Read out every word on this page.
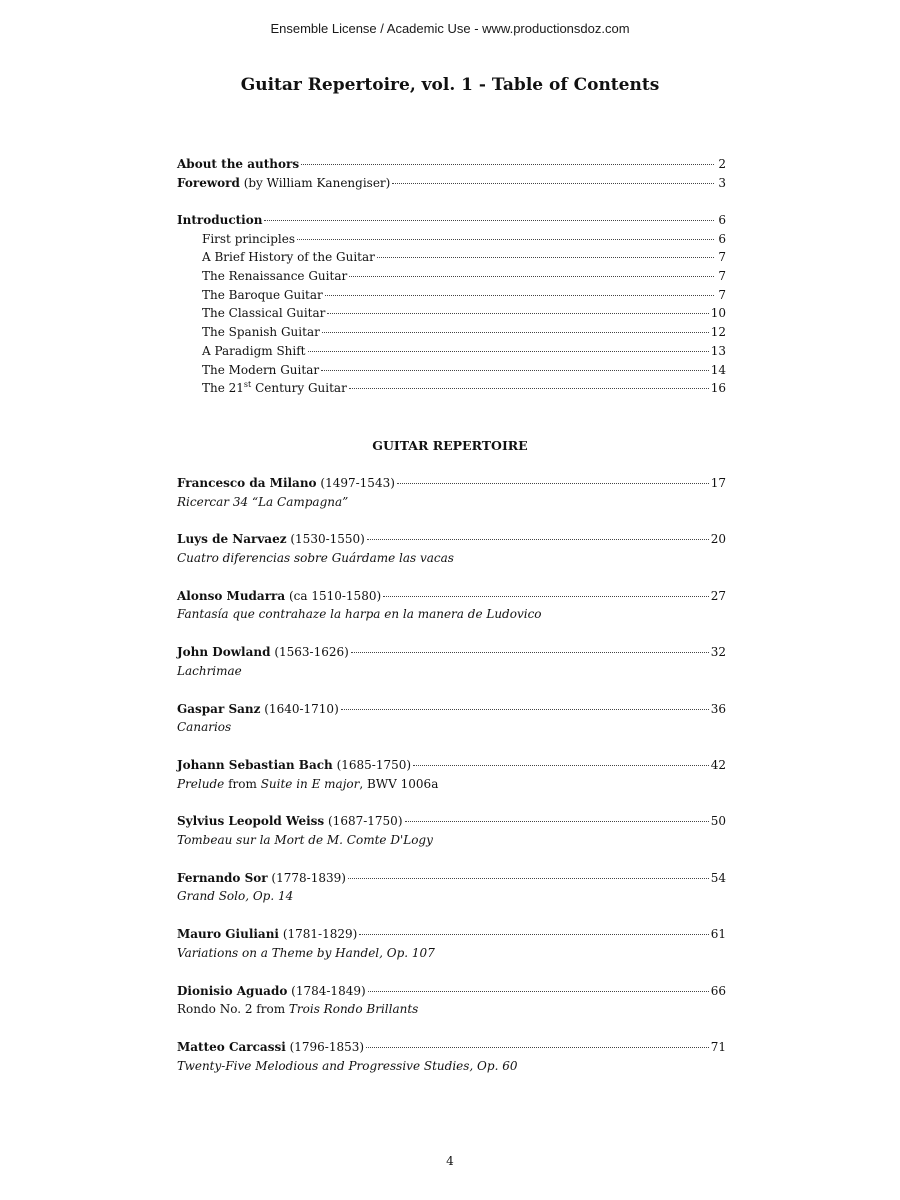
Ensemble License / Academic Use - www.productionsdoz.com
Guitar Repertoire, vol. 1 - Table of Contents
About the authors	2
Foreword (by William Kanengiser)	3
Introduction	6
First principles	6
A Brief History of the Guitar	7
The Renaissance Guitar	7
The Baroque Guitar	7
The Classical Guitar	10
The Spanish Guitar	12
A Paradigm Shift	13
The Modern Guitar	14
The 21st Century Guitar	16
GUITAR REPERTOIRE
Francesco da Milano (1497-1543)	17
Ricercar 34 “La Campagna”
Luys de Narvaez (1530-1550)	20
Cuatro diferencias sobre Guárdame las vacas
Alonso Mudarra (ca 1510-1580)	27
Fantasía que contrahaze la harpa en la manera de Ludovico
John Dowland (1563-1626)	32
Lachrimae
Gaspar Sanz (1640-1710)	36
Canarios
Johann Sebastian Bach (1685-1750)	42
Prelude from Suite in E major, BWV 1006a
Sylvius Leopold Weiss (1687-1750)	50
Tombeau sur la Mort de M. Comte D'Logy
Fernando Sor (1778-1839)	54
Grand Solo, Op. 14
Mauro Giuliani (1781-1829)	61
Variations on a Theme by Handel, Op. 107
Dionisio Aguado (1784-1849)	66
Rondo No. 2 from Trois Rondo Brillants
Matteo Carcassi (1796-1853)	71
Twenty-Five Melodious and Progressive Studies, Op. 60
4
